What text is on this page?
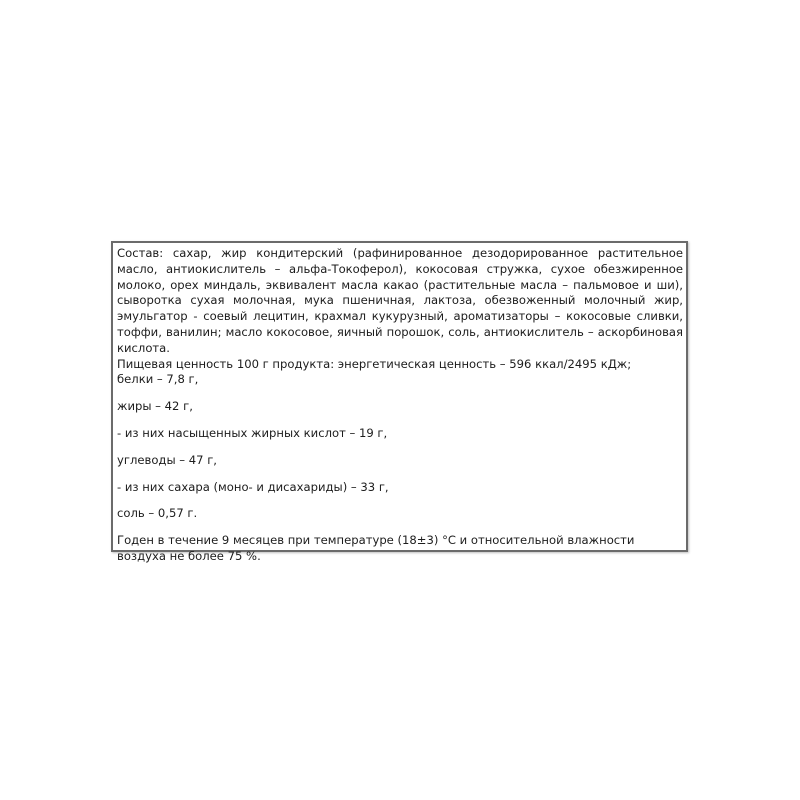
Состав: сахар, жир кондитерский (рафинированное дезодорированное растительное масло, антиокислитель – альфа-Токоферол), кокосовая стружка, сухое обезжиренное молоко, орех миндаль, эквивалент масла какао (растительные масла – пальмовое и ши), сыворотка сухая молочная, мука пшеничная, лактоза, обезвоженный молочный жир, эмульгатор - соевый лецитин, крахмал кукурузный, ароматизаторы – кокосовые сливки, тоффи, ванилин; масло кокосовое, яичный порошок, соль, антиокислитель – аскорбиновая кислота.

Пищевая ценность 100 г продукта: энергетическая ценность – 596 ккал/2495 кДж;

белки – 7,8 г,

жиры – 42 г,

- из них насыщенных жирных кислот – 19 г,

углеводы – 47 г,

- из них сахара (моно- и дисахариды) – 33 г,

соль – 0,57 г.

Годен в течение 9 месяцев при температуре (18±3) °С и относительной влажности воздуха не более 75 %.
